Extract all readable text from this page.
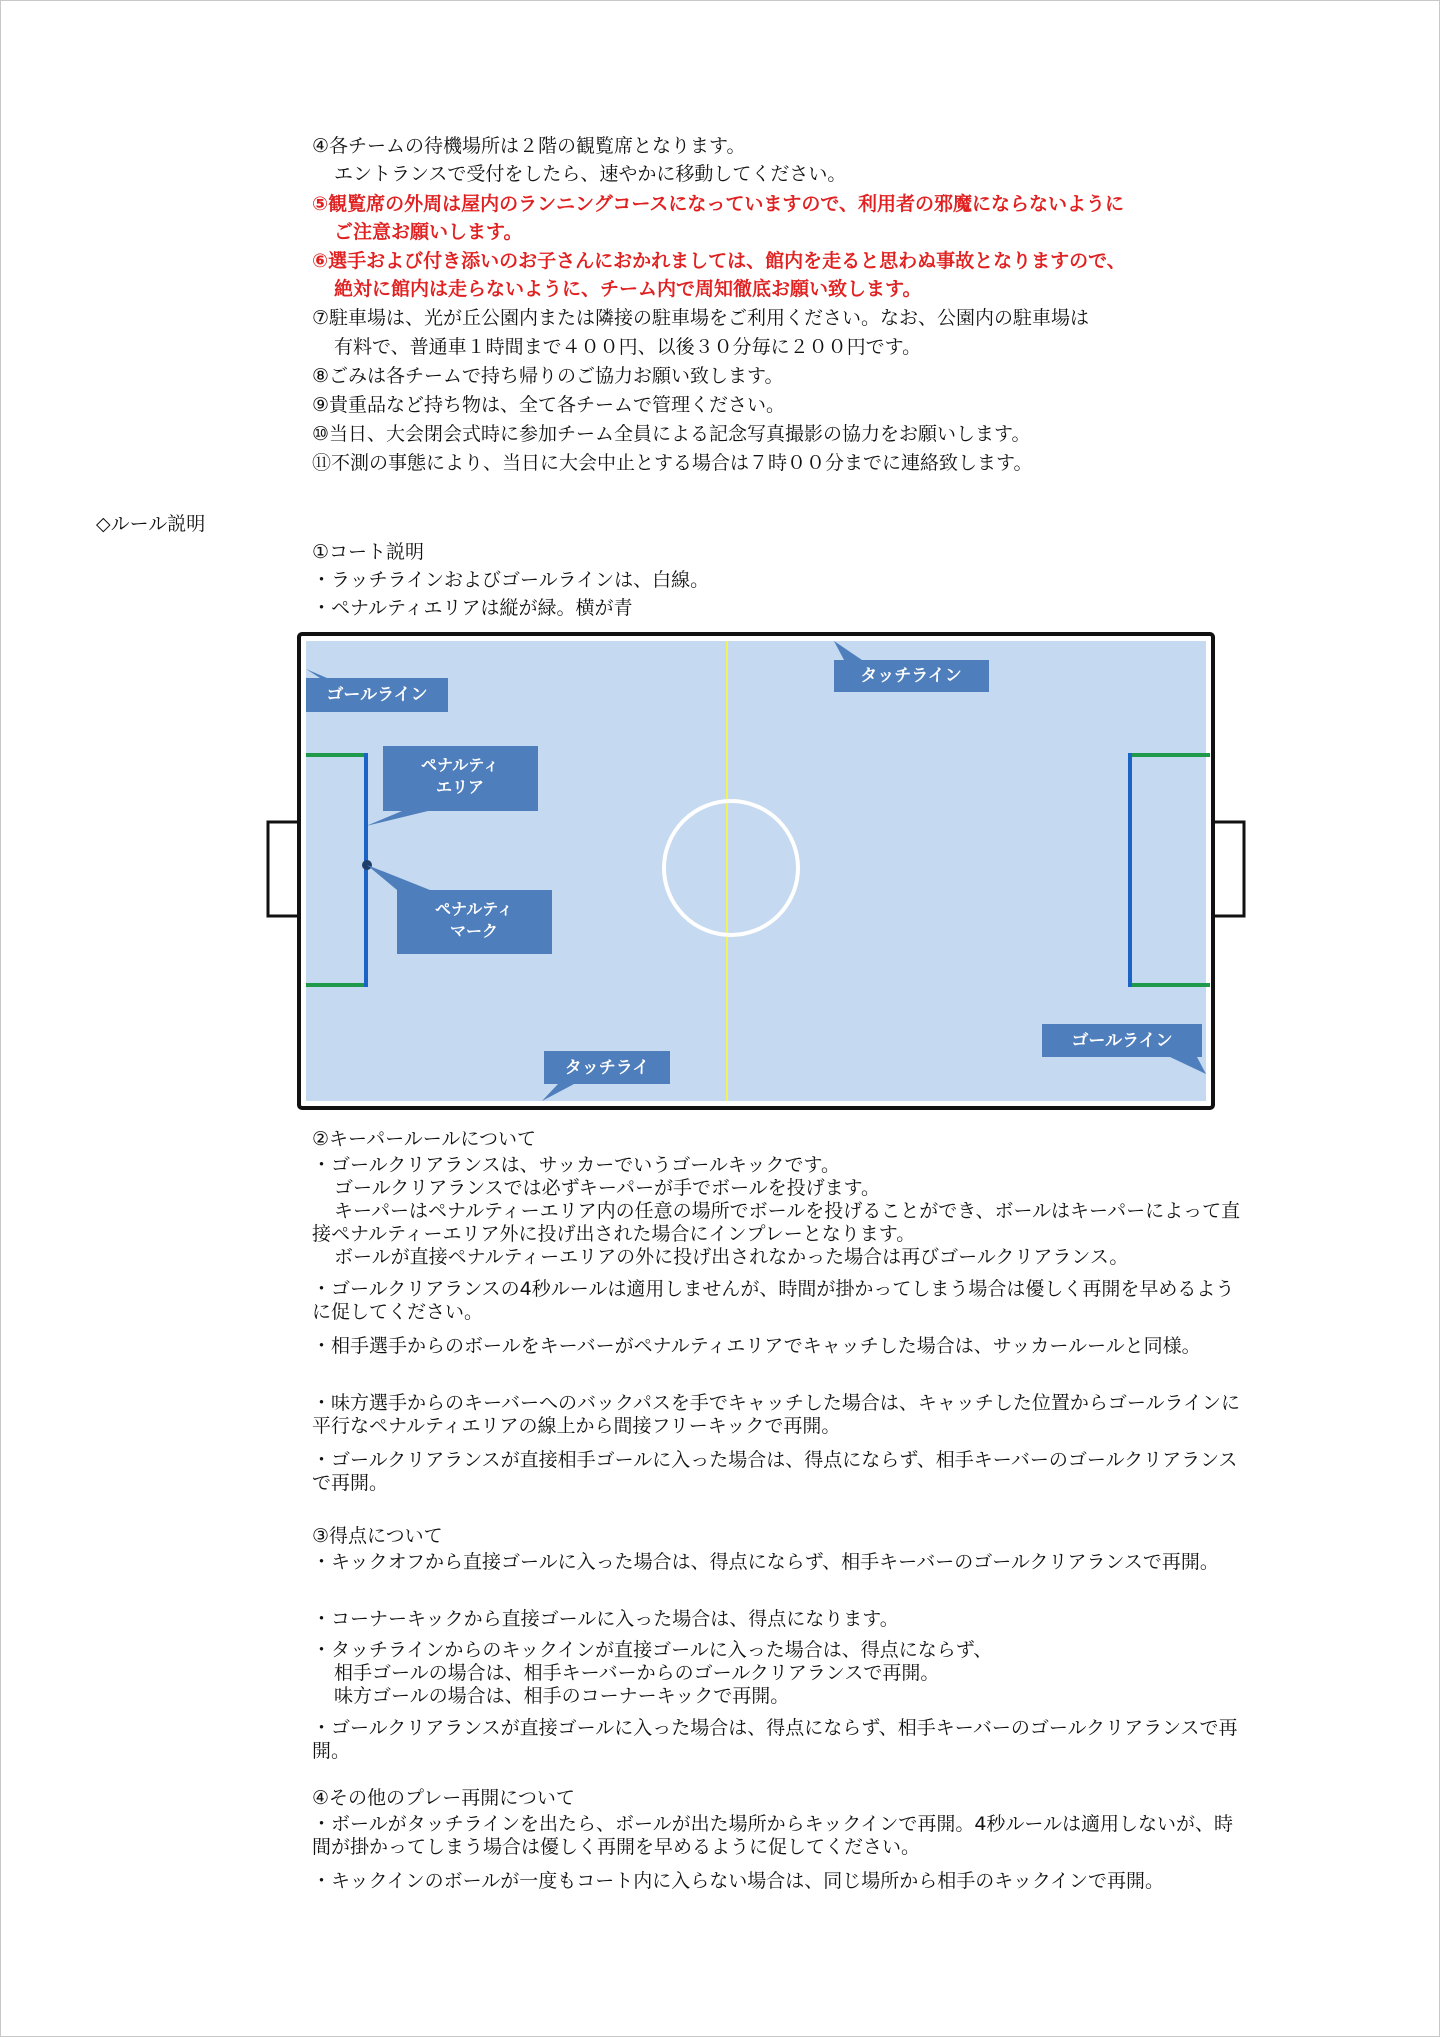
④各チームの待機場所は２階の観覧席となります。

エントランスで受付をしたら、速やかに移動してください。

⑤観覧席の外周は屋内のランニングコースになっていますので、利用者の邪魔にならないように

ご注意お願いします。

⑥選手および付き添いのお子さんにおかれましては、館内を走ると思わぬ事故となりますので、

絶対に館内は走らないように、チーム内で周知徹底お願い致します。

⑦駐車場は、光が丘公園内または隣接の駐車場をご利用ください。なお、公園内の駐車場は

有料で、普通車１時間まで４００円、以後３０分毎に２００円です。

⑧ごみは各チームで持ち帰りのご協力お願い致します。

⑨貴重品など持ち物は、全て各チームで管理ください。

⑩当日、大会閉会式時に参加チーム全員による記念写真撮影の協力をお願いします。

⑪不測の事態により、当日に大会中止とする場合は７時００分までに連絡致します。

◇ルール説明

①コート説明

・ラッチラインおよびゴールラインは、白線。

・ペナルティエリアは縦が緑。横が青

ゴールライン
タッチライン
ペナルティ
エリア
ペナルティ
マーク
タッチライ
ゴールライン

②キーパールールについて

・ゴールクリアランスは、サッカーでいうゴールキックです。

ゴールクリアランスでは必ずキーパーが手でボールを投げます。

キーパーはペナルティーエリア内の任意の場所でボールを投げることができ、ボールはキーパーによって直接ペナルティーエリア外に投げ出された場合にインプレーとなります。

ボールが直接ペナルティーエリアの外に投げ出されなかった場合は再びゴールクリアランス。

・ゴールクリアランスの4秒ルールは適用しませんが、時間が掛かってしまう場合は優しく再開を早めるように促してください。
・相手選手からのボールをキーバーがペナルティエリアでキャッチした場合は、サッカールールと同様。
・味方選手からのキーバーへのバックパスを手でキャッチした場合は、キャッチした位置からゴールラインに平行なペナルティエリアの線上から間接フリーキックで再開。
・ゴールクリアランスが直接相手ゴールに入った場合は、得点にならず、相手キーバーのゴールクリアランスで再開。

③得点について

・キックオフから直接ゴールに入った場合は、得点にならず、相手キーバーのゴールクリアランスで再開。
・コーナーキックから直接ゴールに入った場合は、得点になります。

・タッチラインからのキックインが直接ゴールに入った場合は、得点にならず、

相手ゴールの場合は、相手キーバーからのゴールクリアランスで再開。

味方ゴールの場合は、相手のコーナーキックで再開。

・ゴールクリアランスが直接ゴールに入った場合は、得点にならず、相手キーバーのゴールクリアランスで再開。

④その他のプレー再開について

・ボールがタッチラインを出たら、ボールが出た場所からキックインで再開。4秒ルールは適用しないが、時間が掛かってしまう場合は優しく再開を早めるように促してください。
・キックインのボールが一度もコート内に入らない場合は、同じ場所から相手のキックインで再開。
